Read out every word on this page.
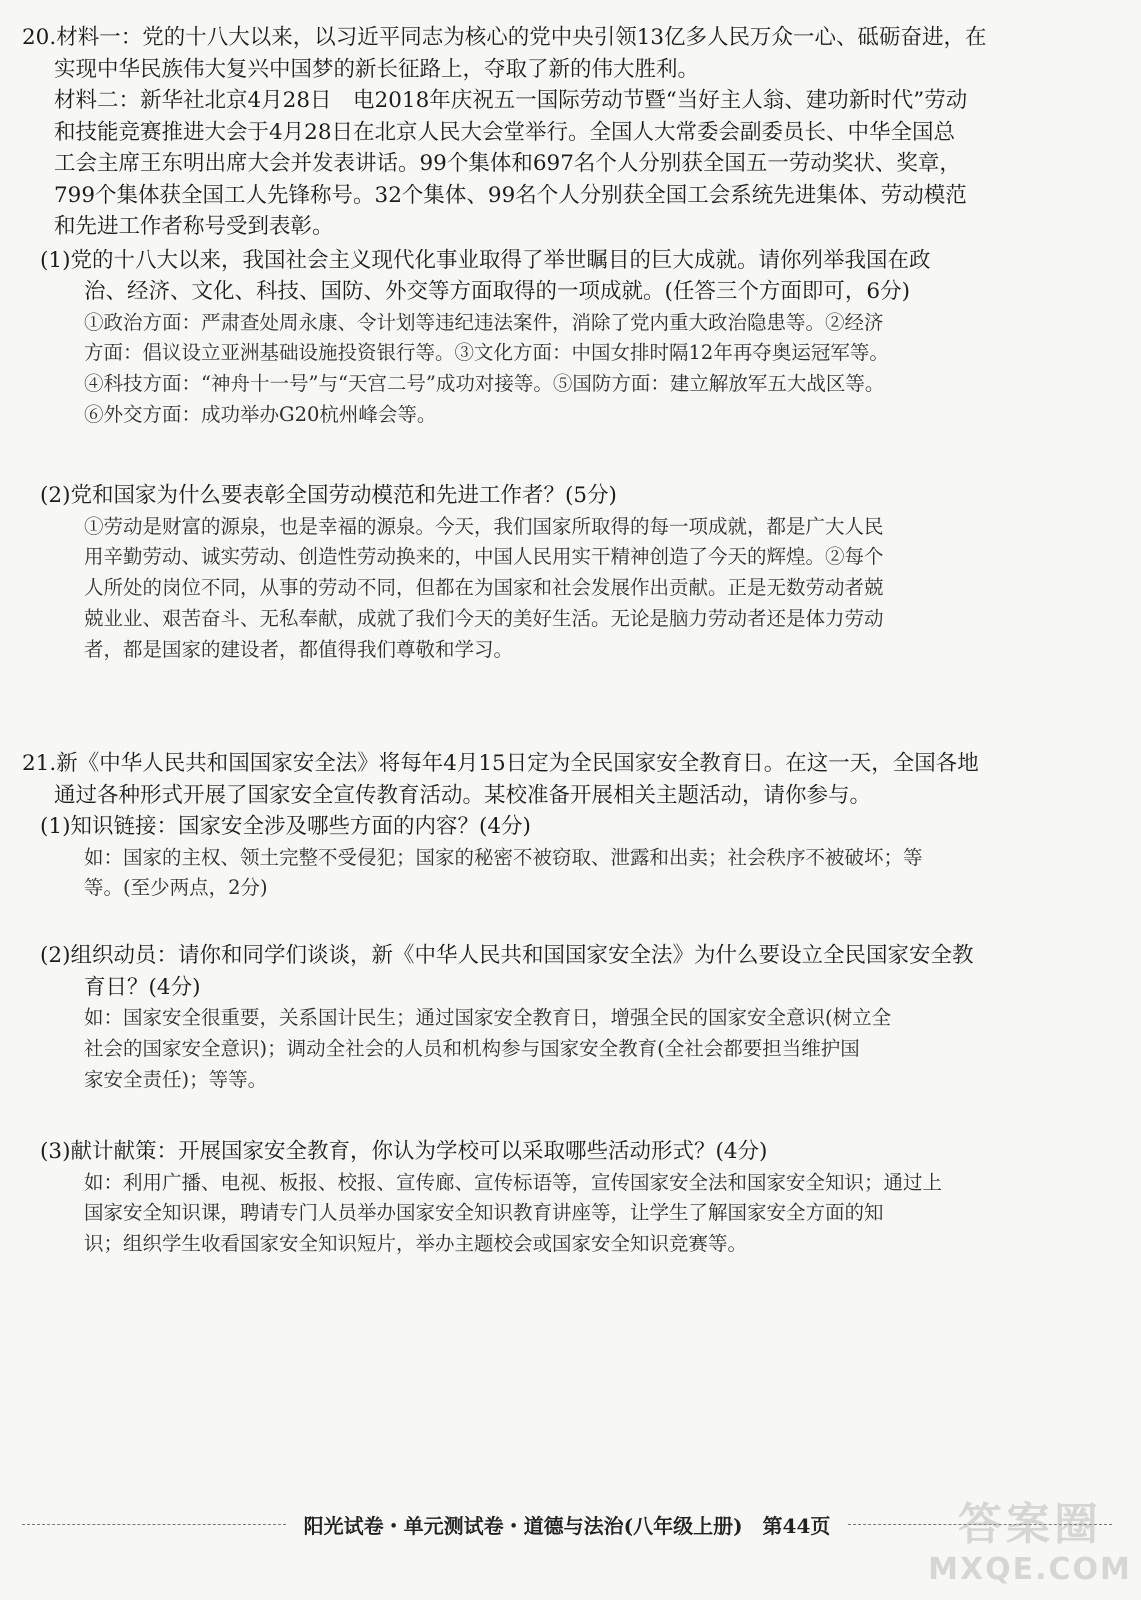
20.材料一：党的十八大以来，以习近平同志为核心的党中央引领13亿多人民万众一心、砥砺奋进，在
实现中华民族伟大复兴中国梦的新长征路上，夺取了新的伟大胜利。
材料二：新华社北京4月28日　电2018年庆祝五一国际劳动节暨“当好主人翁、建功新时代”劳动
和技能竞赛推进大会于4月28日在北京人民大会堂举行。全国人大常委会副委员长、中华全国总
工会主席王东明出席大会并发表讲话。99个集体和697名个人分别获全国五一劳动奖状、奖章，
799个集体获全国工人先锋称号。32个集体、99名个人分别获全国工会系统先进集体、劳动模范
和先进工作者称号受到表彰。
(1)党的十八大以来，我国社会主义现代化事业取得了举世瞩目的巨大成就。请你列举我国在政
治、经济、文化、科技、国防、外交等方面取得的一项成就。(任答三个方面即可，6分)
①政治方面：严肃查处周永康、令计划等违纪违法案件，消除了党内重大政治隐患等。②经济
方面：倡议设立亚洲基础设施投资银行等。③文化方面：中国女排时隔12年再夺奥运冠军等。
④科技方面：“神舟十一号”与“天宫二号”成功对接等。⑤国防方面：建立解放军五大战区等。
⑥外交方面：成功举办G20杭州峰会等。
(2)党和国家为什么要表彰全国劳动模范和先进工作者？(5分)
①劳动是财富的源泉，也是幸福的源泉。今天，我们国家所取得的每一项成就，都是广大人民
用辛勤劳动、诚实劳动、创造性劳动换来的，中国人民用实干精神创造了今天的辉煌。②每个
人所处的岗位不同，从事的劳动不同，但都在为国家和社会发展作出贡献。正是无数劳动者兢
兢业业、艰苦奋斗、无私奉献，成就了我们今天的美好生活。无论是脑力劳动者还是体力劳动
者，都是国家的建设者，都值得我们尊敬和学习。
21.新《中华人民共和国国家安全法》将每年4月15日定为全民国家安全教育日。在这一天，全国各地
通过各种形式开展了国家安全宣传教育活动。某校准备开展相关主题活动，请你参与。
(1)知识链接：国家安全涉及哪些方面的内容？(4分)
如：国家的主权、领土完整不受侵犯；国家的秘密不被窃取、泄露和出卖；社会秩序不被破坏；等
等。(至少两点，2分)
(2)组织动员：请你和同学们谈谈，新《中华人民共和国国家安全法》为什么要设立全民国家安全教
育日？(4分)
如：国家安全很重要，关系国计民生；通过国家安全教育日，增强全民的国家安全意识(树立全
社会的国家安全意识)；调动全社会的人员和机构参与国家安全教育(全社会都要担当维护国
家安全责任)；等等。
(3)献计献策：开展国家安全教育，你认为学校可以采取哪些活动形式？(4分)
如：利用广播、电视、板报、校报、宣传廊、宣传标语等，宣传国家安全法和国家安全知识；通过上
国家安全知识课，聘请专门人员举办国家安全知识教育讲座等，让学生了解国家安全方面的知
识；组织学生收看国家安全知识短片，举办主题校会或国家安全知识竞赛等。
阳光试卷・单元测试卷・道德与法治(八年级上册)　第44页	答案圈
MXQE.COM
